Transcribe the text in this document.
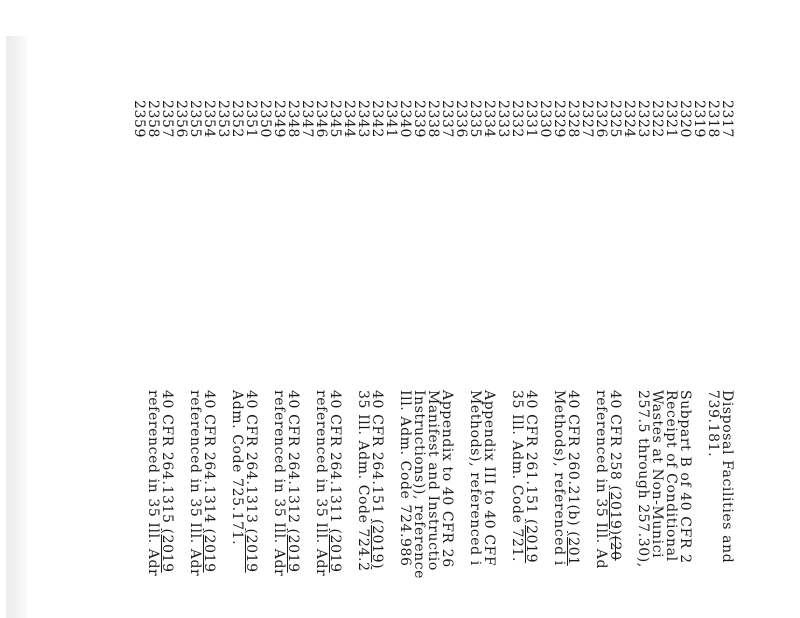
2317
2318
2319
2320
2321
2322
2323
2324
2325
2326
2327
2328
2329
2330
2331
2332
2333
2334
2335
2336
2337
2338
2339
2340
2341
2342
2343
2344
2345
2346
2347
2348
2349
2350
2351
2352
2353
2354
2355
2356
2357
2358
2359
Disposal Facilities and
739.181.
Subpart B of 40 CFR 2
Receipt of Conditional
Wastes at Non-Munici
257.5 through 257.30),
40 CFR 258 (2019)(20
referenced in 35 Ill. Ad
40 CFR 260.21(b) (201
Methods), referenced i
40 CFR 261.151 (2019
35 Ill. Adm. Code 721.
Appendix III to 40 CFF
Methods), referenced i
Appendix to 40 CFR 26
Manifest and Instructio
Instructions)), reference
Ill. Adm. Code 724.986
40 CFR 264.151 (2019)
35 Ill. Adm. Code 724.2
40 CFR 264.1311 (2019
referenced in 35 Ill. Adr
40 CFR 264.1312 (2019
referenced in 35 Ill. Adr
40 CFR 264.1313 (2019
Adm. Code 725.171.
40 CFR 264.1314 (2019
referenced in 35 Ill. Adr
40 CFR 264.1315 (2019
referenced in 35 Ill. Adr
